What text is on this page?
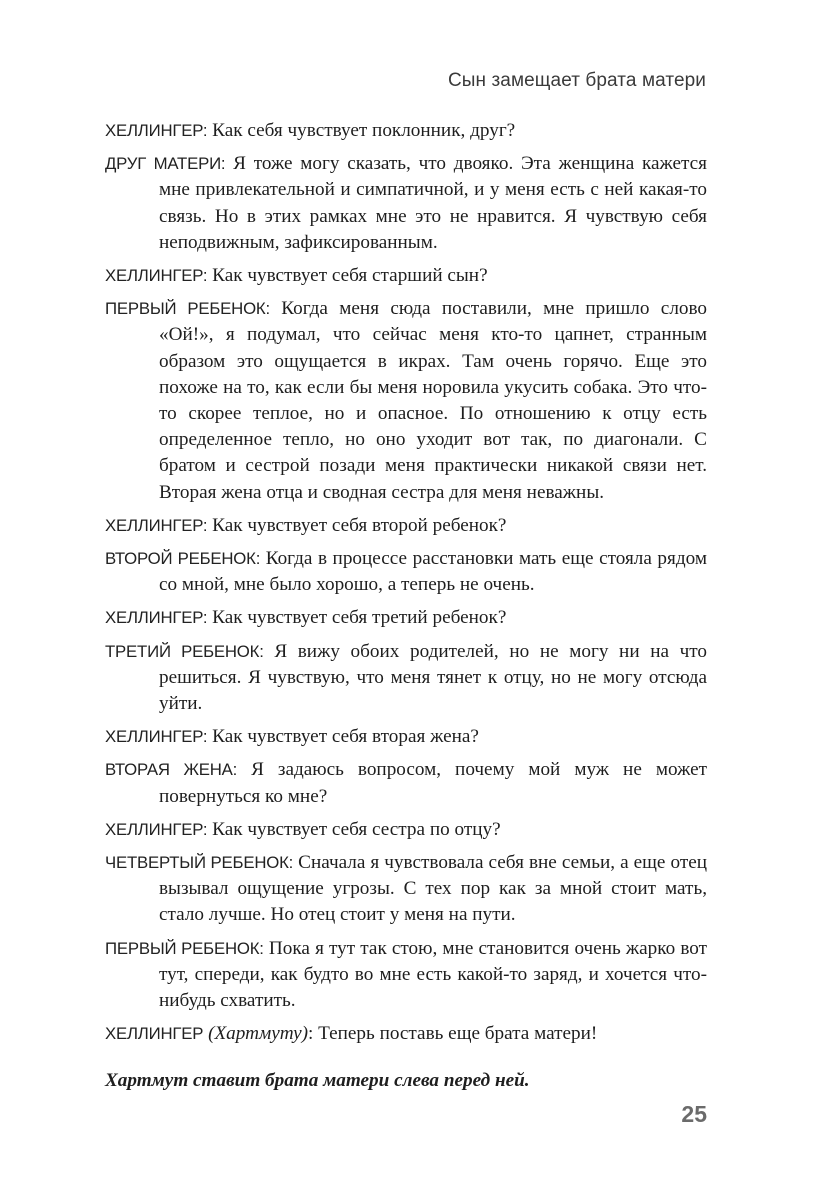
Сын замещает брата матери

ХЕЛЛИНГЕР: Как себя чувствует поклонник, друг?

ДРУГ МАТЕРИ: Я тоже могу сказать, что двояко. Эта женщина кажется мне привлекательной и симпатичной, и у меня есть с ней какая-то связь. Но в этих рамках мне это не нравится. Я чувствую себя неподвижным, зафиксированным.

ХЕЛЛИНГЕР: Как чувствует себя старший сын?

ПЕРВЫЙ РЕБЕНОК: Когда меня сюда поставили, мне пришло слово «Ой!», я подумал, что сейчас меня кто-то цапнет, странным образом это ощущается в икрах. Там очень горячо. Еще это похоже на то, как если бы меня норовила укусить собака. Это что-то скорее теплое, но и опасное. По отношению к отцу есть определенное тепло, но оно уходит вот так, по диагонали. С братом и сестрой позади меня практически никакой связи нет. Вторая жена отца и сводная сестра для меня неважны.

ХЕЛЛИНГЕР: Как чувствует себя второй ребенок?

ВТОРОЙ РЕБЕНОК: Когда в процессе расстановки мать еще стояла рядом со мной, мне было хорошо, а теперь не очень.

ХЕЛЛИНГЕР: Как чувствует себя третий ребенок?

ТРЕТИЙ РЕБЕНОК: Я вижу обоих родителей, но не могу ни на что решиться. Я чувствую, что меня тянет к отцу, но не могу отсюда уйти.

ХЕЛЛИНГЕР: Как чувствует себя вторая жена?

ВТОРАЯ ЖЕНА: Я задаюсь вопросом, почему мой муж не может повернуться ко мне?

ХЕЛЛИНГЕР: Как чувствует себя сестра по отцу?

ЧЕТВЕРТЫЙ РЕБЕНОК: Сначала я чувствовала себя вне семьи, а еще отец вызывал ощущение угрозы. С тех пор как за мной стоит мать, стало лучше. Но отец стоит у меня на пути.

ПЕРВЫЙ РЕБЕНОК: Пока я тут так стою, мне становится очень жарко вот тут, спереди, как будто во мне есть какой-то заряд, и хочется что-нибудь схватить.

ХЕЛЛИНГЕР (Хартмуту): Теперь поставь еще брата матери!

Хартмут ставит брата матери слева перед ней.

25
